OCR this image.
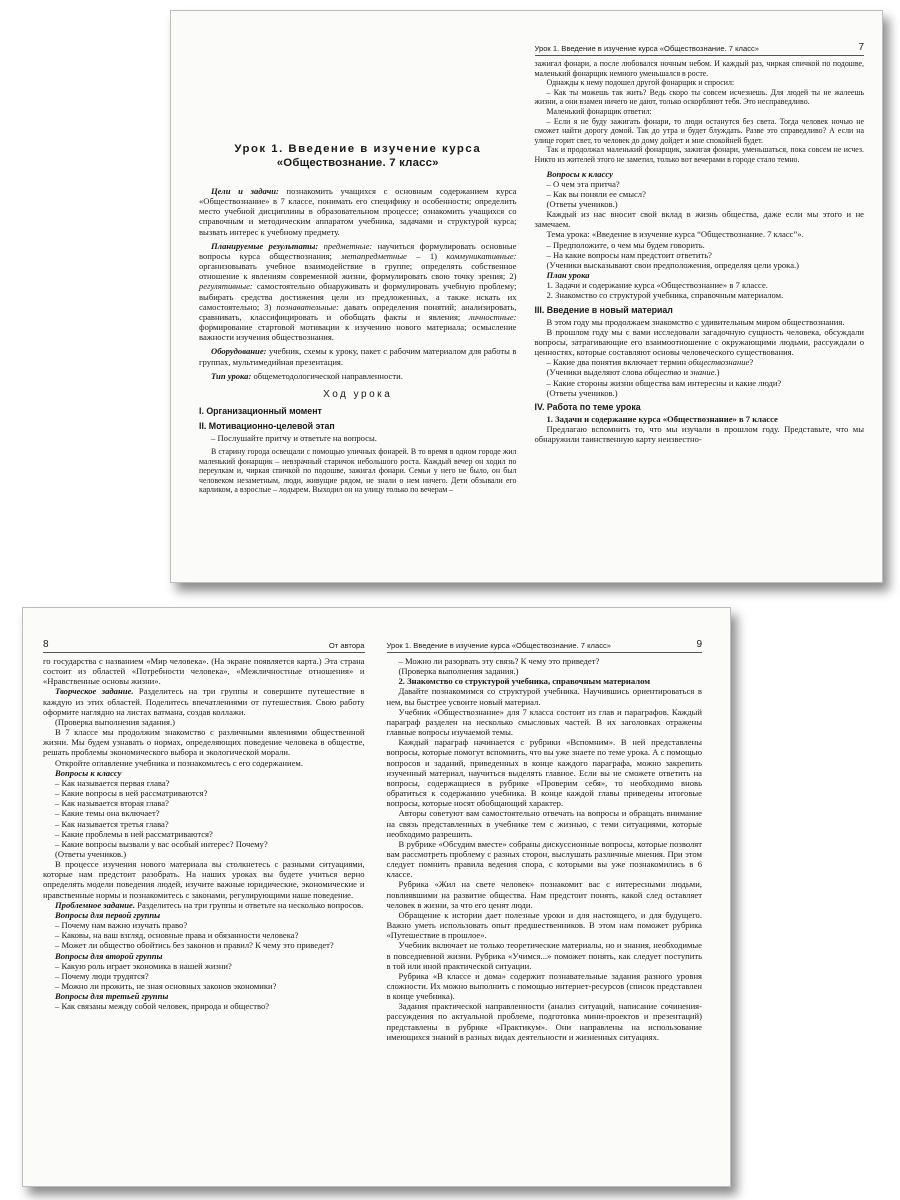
Урок 1. Введение в изучение курса
«Обществознание. 7 класс»

Цели и задачи: познакомить учащихся с основным содержанием курса «Обществознание» в 7 классе, понимать его специфику и особенности; определить место учебной дисциплины в образовательном процессе; ознакомить учащихся со справочным и методическим аппаратом учебника, задачами и структурой курса; вызвать интерес к учебному предмету.

Планируемые результаты: предметные: научиться формулировать основные вопросы курса обществознания; метапредметные – 1) коммуникативные: организовывать учебное взаимодействие в группе; определять собственное отношение к явлениям современной жизни, формулировать свою точку зрения; 2) регулятивные: самостоятельно обнаруживать и формулировать учебную проблему; выбирать средства достижения цели из предложенных, а также искать их самостоятельно; 3) познавательные: давать определения понятий; анализировать, сравнивать, классифицировать и обобщать факты и явления; личностные: формирование стартовой мотивации к изучению нового материала; осмысление важности изучения обществознания.

Оборудование: учебник, схемы к уроку, пакет с рабочим материалом для работы в группах, мультимедийная презентация.

Тип урока: общеметодологической направленности.

Ход урока
I. Организационный момент
II. Мотивационно-целевой этап

– Послушайте притчу и ответьте на вопросы.

В старину города освещали с помощью уличных фонарей. В то время в одном городе жил маленький фонарщик – невзрачный старичок небольшого роста. Каждый вечер он ходил по переулкам и, чиркая спичкой по подошве, зажигал фонари. Семьи у него не было, он был человеком незаметным, люди, живущие рядом, не знали о нем ничего. Дети обзывали его карликом, а взрослые – лодырем. Выходил он на улицу только по вечерам –

Урок 1. Введение в изучение курса «Обществознание. 7 класс»	7

зажигал фонари, а после любовался ночным небом. И каждый раз, чиркая спичкой по подошве, маленький фонарщик немного уменьшался в росте.

Однажды к нему подошел другой фонарщик и спросил:

– Как ты можешь так жить? Ведь скоро ты совсем исчезнешь. Для людей ты не жалеешь жизни, а они взамен ничего не дают, только оскорбляют тебя. Это несправедливо.

Маленький фонарщик ответил:

– Если я не буду зажигать фонари, то люди останутся без света. Тогда человек ночью не сможет найти дорогу домой. Так до утра и будет блуждать. Разве это справедливо? А если на улице горит свет, то человек до дому дойдет и мне спокойней будет.

Так и продолжал маленький фонарщик, зажигая фонари, уменьшаться, пока совсем не исчез. Никто из жителей этого не заметил, только вот вечерами в городе стало темно.

Вопросы к классу

– О чем эта притча?

– Как вы поняли ее смысл?

(Ответы учеников.)

Каждый из нас вносит свой вклад в жизнь общества, даже если мы этого и не замечаем.

Тема урока: «Введение в изучение курса “Обществознание. 7 класс”».

– Предположите, о чем мы будем говорить.

– На какие вопросы нам предстоит ответить?

(Ученики высказывают свои предположения, определяя цели урока.)

План урока

1. Задачи и содержание курса «Обществознание» в 7 классе.

2. Знакомство со структурой учебника, справочным материалом.

III. Введение в новый материал

В этом году мы продолжаем знакомство с удивительным миром обществознания.

В прошлом году мы с вами исследовали загадочную сущность человека, обсуждали вопросы, затрагивающие его взаимоотношение с окружающими людьми, рассуждали о ценностях, которые составляют основы человеческого существования.

– Какие два понятия включает термин обществознание?

(Ученики выделяют слова общество и знание.)

– Какие стороны жизни общества вам интересны и какие люди?

(Ответы учеников.)

IV. Работа по теме урока
1. Задачи и содержание курса «Обществознание» в 7 классе

Предлагаю вспомнить то, что мы изучали в прошлом году. Представьте, что мы обнаружили таинственную карту неизвестно-

8	От автора

го государства с названием «Мир человека». (На экране появляется карта.) Эта страна состоит из областей «Потребности человека», «Межличностные отношения» и «Нравственные основы жизни».

Творческое задание. Разделитесь на три группы и совершите путешествие в каждую из этих областей. Поделитесь впечатлениями от путешествия. Свою работу оформите наглядно на листах ватмана, создав коллажи.

(Проверка выполнения задания.)

В 7 классе мы продолжим знакомство с различными явлениями общественной жизни. Мы будем узнавать о нормах, определяющих поведение человека в обществе, решать проблемы экономического выбора и экологической морали.

Откройте оглавление учебника и познакомьтесь с его содержанием.

Вопросы к классу

– Как называется первая глава?

– Какие вопросы в ней рассматриваются?

– Как называется вторая глава?

– Какие темы она включает?

– Как называется третья глава?

– Какие проблемы в ней рассматриваются?

– Какие вопросы вызвали у вас особый интерес? Почему?

(Ответы учеников.)

В процессе изучения нового материала вы столкнетесь с разными ситуациями, которые нам предстоит разобрать. На наших уроках вы будете учиться верно определять модели поведения людей, изучите важные юридические, экономические и нравственные нормы и познакомитесь с законами, регулирующими наше поведение.

Проблемное задание. Разделитесь на три группы и ответьте на несколько вопросов.

Вопросы для первой группы

– Почему нам важно изучать право?

– Каковы, на ваш взгляд, основные права и обязанности человека?

– Может ли общество обойтись без законов и правил? К чему это приведет?

Вопросы для второй группы

– Какую роль играет экономика в нашей жизни?

– Почему люди трудятся?

– Можно ли прожить, не зная основных законов экономики?

Вопросы для третьей группы

– Как связаны между собой человек, природа и общество?

Урок 1. Введение в изучение курса «Обществознание. 7 класс»	9

– Можно ли разорвать эту связь? К чему это приведет?

(Проверка выполнения задания.)

2. Знакомство со структурой учебника, справочным материалом

Давайте познакомимся со структурой учебника. Научившись ориентироваться в нем, вы быстрее усвоите новый материал.

Учебник «Обществознание» для 7 класса состоит из глав и параграфов. Каждый параграф разделен на несколько смысловых частей. В их заголовках отражены главные вопросы изучаемой темы.

Каждый параграф начинается с рубрики «Вспомним». В ней представлены вопросы, которые помогут вспомнить, что вы уже знаете по теме урока. А с помощью вопросов и заданий, приведенных в конце каждого параграфа, можно закрепить изученный материал, научиться выделять главное. Если вы не сможете ответить на вопросы, содержащиеся в рубрике «Проверим себя», то необходимо вновь обратиться к содержанию учебника. В конце каждой главы приведены итоговые вопросы, которые носят обобщающий характер.

Авторы советуют вам самостоятельно отвечать на вопросы и обращать внимание на связь представленных в учебнике тем с жизнью, с теми ситуациями, которые необходимо разрешить.

В рубрике «Обсудим вместе» собраны дискуссионные вопросы, которые позволят вам рассмотреть проблему с разных сторон, выслушать различные мнения. При этом следует помнить правила ведения спора, с которыми вы уже познакомились в 6 классе.

Рубрика «Жил на свете человек» познакомит вас с интересными людьми, повлиявшими на развитие общества. Нам предстоит понять, какой след оставляет человек в жизни, за что его ценят люди.

Обращение к истории дает полезные уроки и для настоящего, и для будущего. Важно уметь использовать опыт предшественников. В этом нам поможет рубрика «Путешествие в прошлое».

Учебник включает не только теоретические материалы, но и знания, необходимые в повседневной жизни. Рубрика «Учимся...» поможет понять, как следует поступить в той или иной практической ситуации.

Рубрика «В классе и дома» содержит познавательные задания разного уровня сложности. Их можно выполнить с помощью интернет-ресурсов (список представлен в конце учебника).

Задания практической направленности (анализ ситуаций, написание сочинения-рассуждения по актуальной проблеме, подготовка мини-проектов и презентаций) представлены в рубрике «Практикум». Они направлены на использование имеющихся знаний в разных видах деятельности и жизненных ситуациях.
